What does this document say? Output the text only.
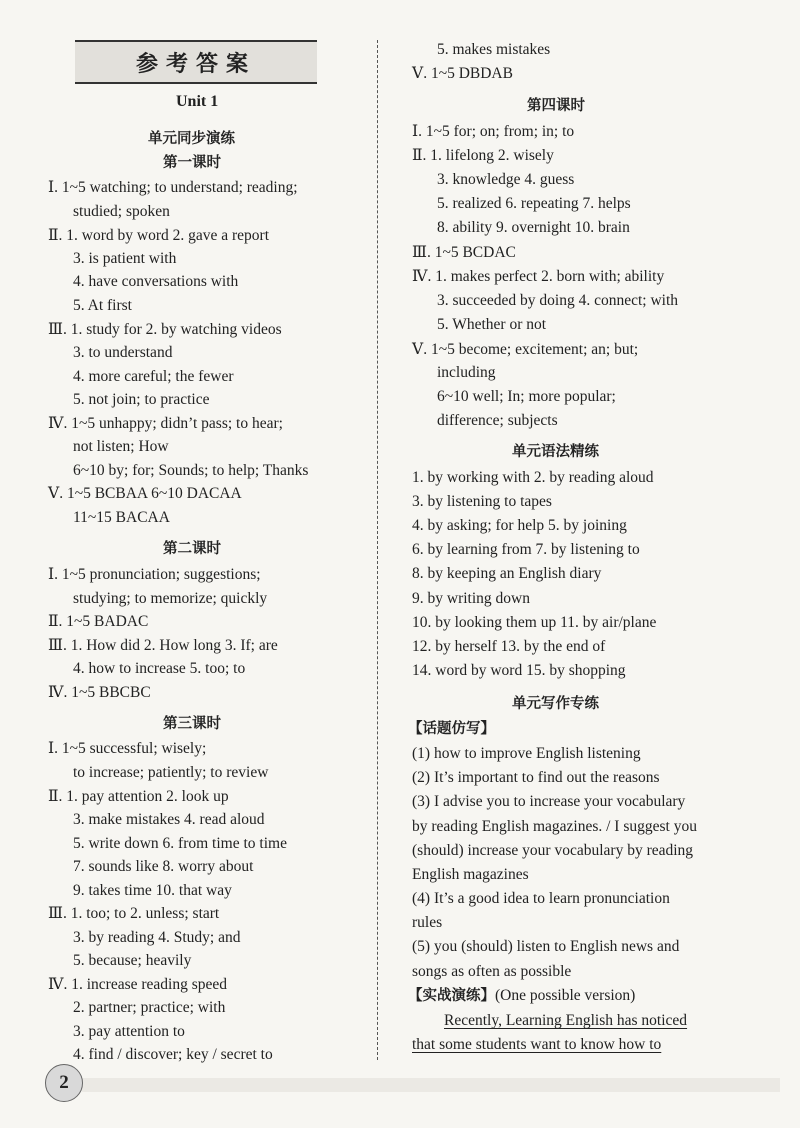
参考答案
Unit 1
单元同步演练
第一课时
Ⅰ. 1~5 watching; to understand; reading;
studied; spoken
Ⅱ. 1. word by word 2. gave a report
3. is patient with
4. have conversations with
5. At first
Ⅲ. 1. study for 2. by watching videos
3. to understand
4. more careful; the fewer
5. not join; to practice
Ⅳ. 1~5 unhappy; didn’t pass; to hear;
not listen; How
6~10 by; for; Sounds; to help; Thanks
Ⅴ. 1~5 BCBAA 6~10 DACAA
11~15 BACAA
第二课时
Ⅰ. 1~5 pronunciation; suggestions;
studying; to memorize; quickly
Ⅱ. 1~5 BADAC
Ⅲ. 1. How did 2. How long 3. If; are
4. how to increase 5. too; to
Ⅳ. 1~5 BBCBC
第三课时
Ⅰ. 1~5 successful; wisely;
to increase; patiently; to review
Ⅱ. 1. pay attention 2. look up
3. make mistakes 4. read aloud
5. write down 6. from time to time
7. sounds like 8. worry about
9. takes time 10. that way
Ⅲ. 1. too; to 2. unless; start
3. by reading 4. Study; and
5. because; heavily
Ⅳ. 1. increase reading speed
2. partner; practice; with
3. pay attention to
4. find / discover; key / secret to
5. makes mistakes
Ⅴ. 1~5 DBDAB
第四课时
Ⅰ. 1~5 for; on; from; in; to
Ⅱ. 1. lifelong 2. wisely
3. knowledge 4. guess
5. realized 6. repeating 7. helps
8. ability 9. overnight 10. brain
Ⅲ. 1~5 BCDAC
Ⅳ. 1. makes perfect 2. born with; ability
3. succeeded by doing 4. connect; with
5. Whether or not
Ⅴ. 1~5 become; excitement; an; but;
including
6~10 well; In; more popular;
difference; subjects
单元语法精练
1. by working with 2. by reading aloud
3. by listening to tapes
4. by asking; for help 5. by joining
6. by learning from 7. by listening to
8. by keeping an English diary
9. by writing down
10. by looking them up 11. by air/plane
12. by herself 13. by the end of
14. word by word 15. by shopping
单元写作专练
【话题仿写】
(1) how to improve English listening
(2) It’s important to find out the reasons
(3) I advise you to increase your vocabulary
by reading English magazines. / I suggest you
(should) increase your vocabulary by reading
English magazines
(4) It’s a good idea to learn pronunciation
rules
(5) you (should) listen to English news and
songs as often as possible
【实战演练】(One possible version)
Recently, Learning English has noticed
that some students want to know how to
2
